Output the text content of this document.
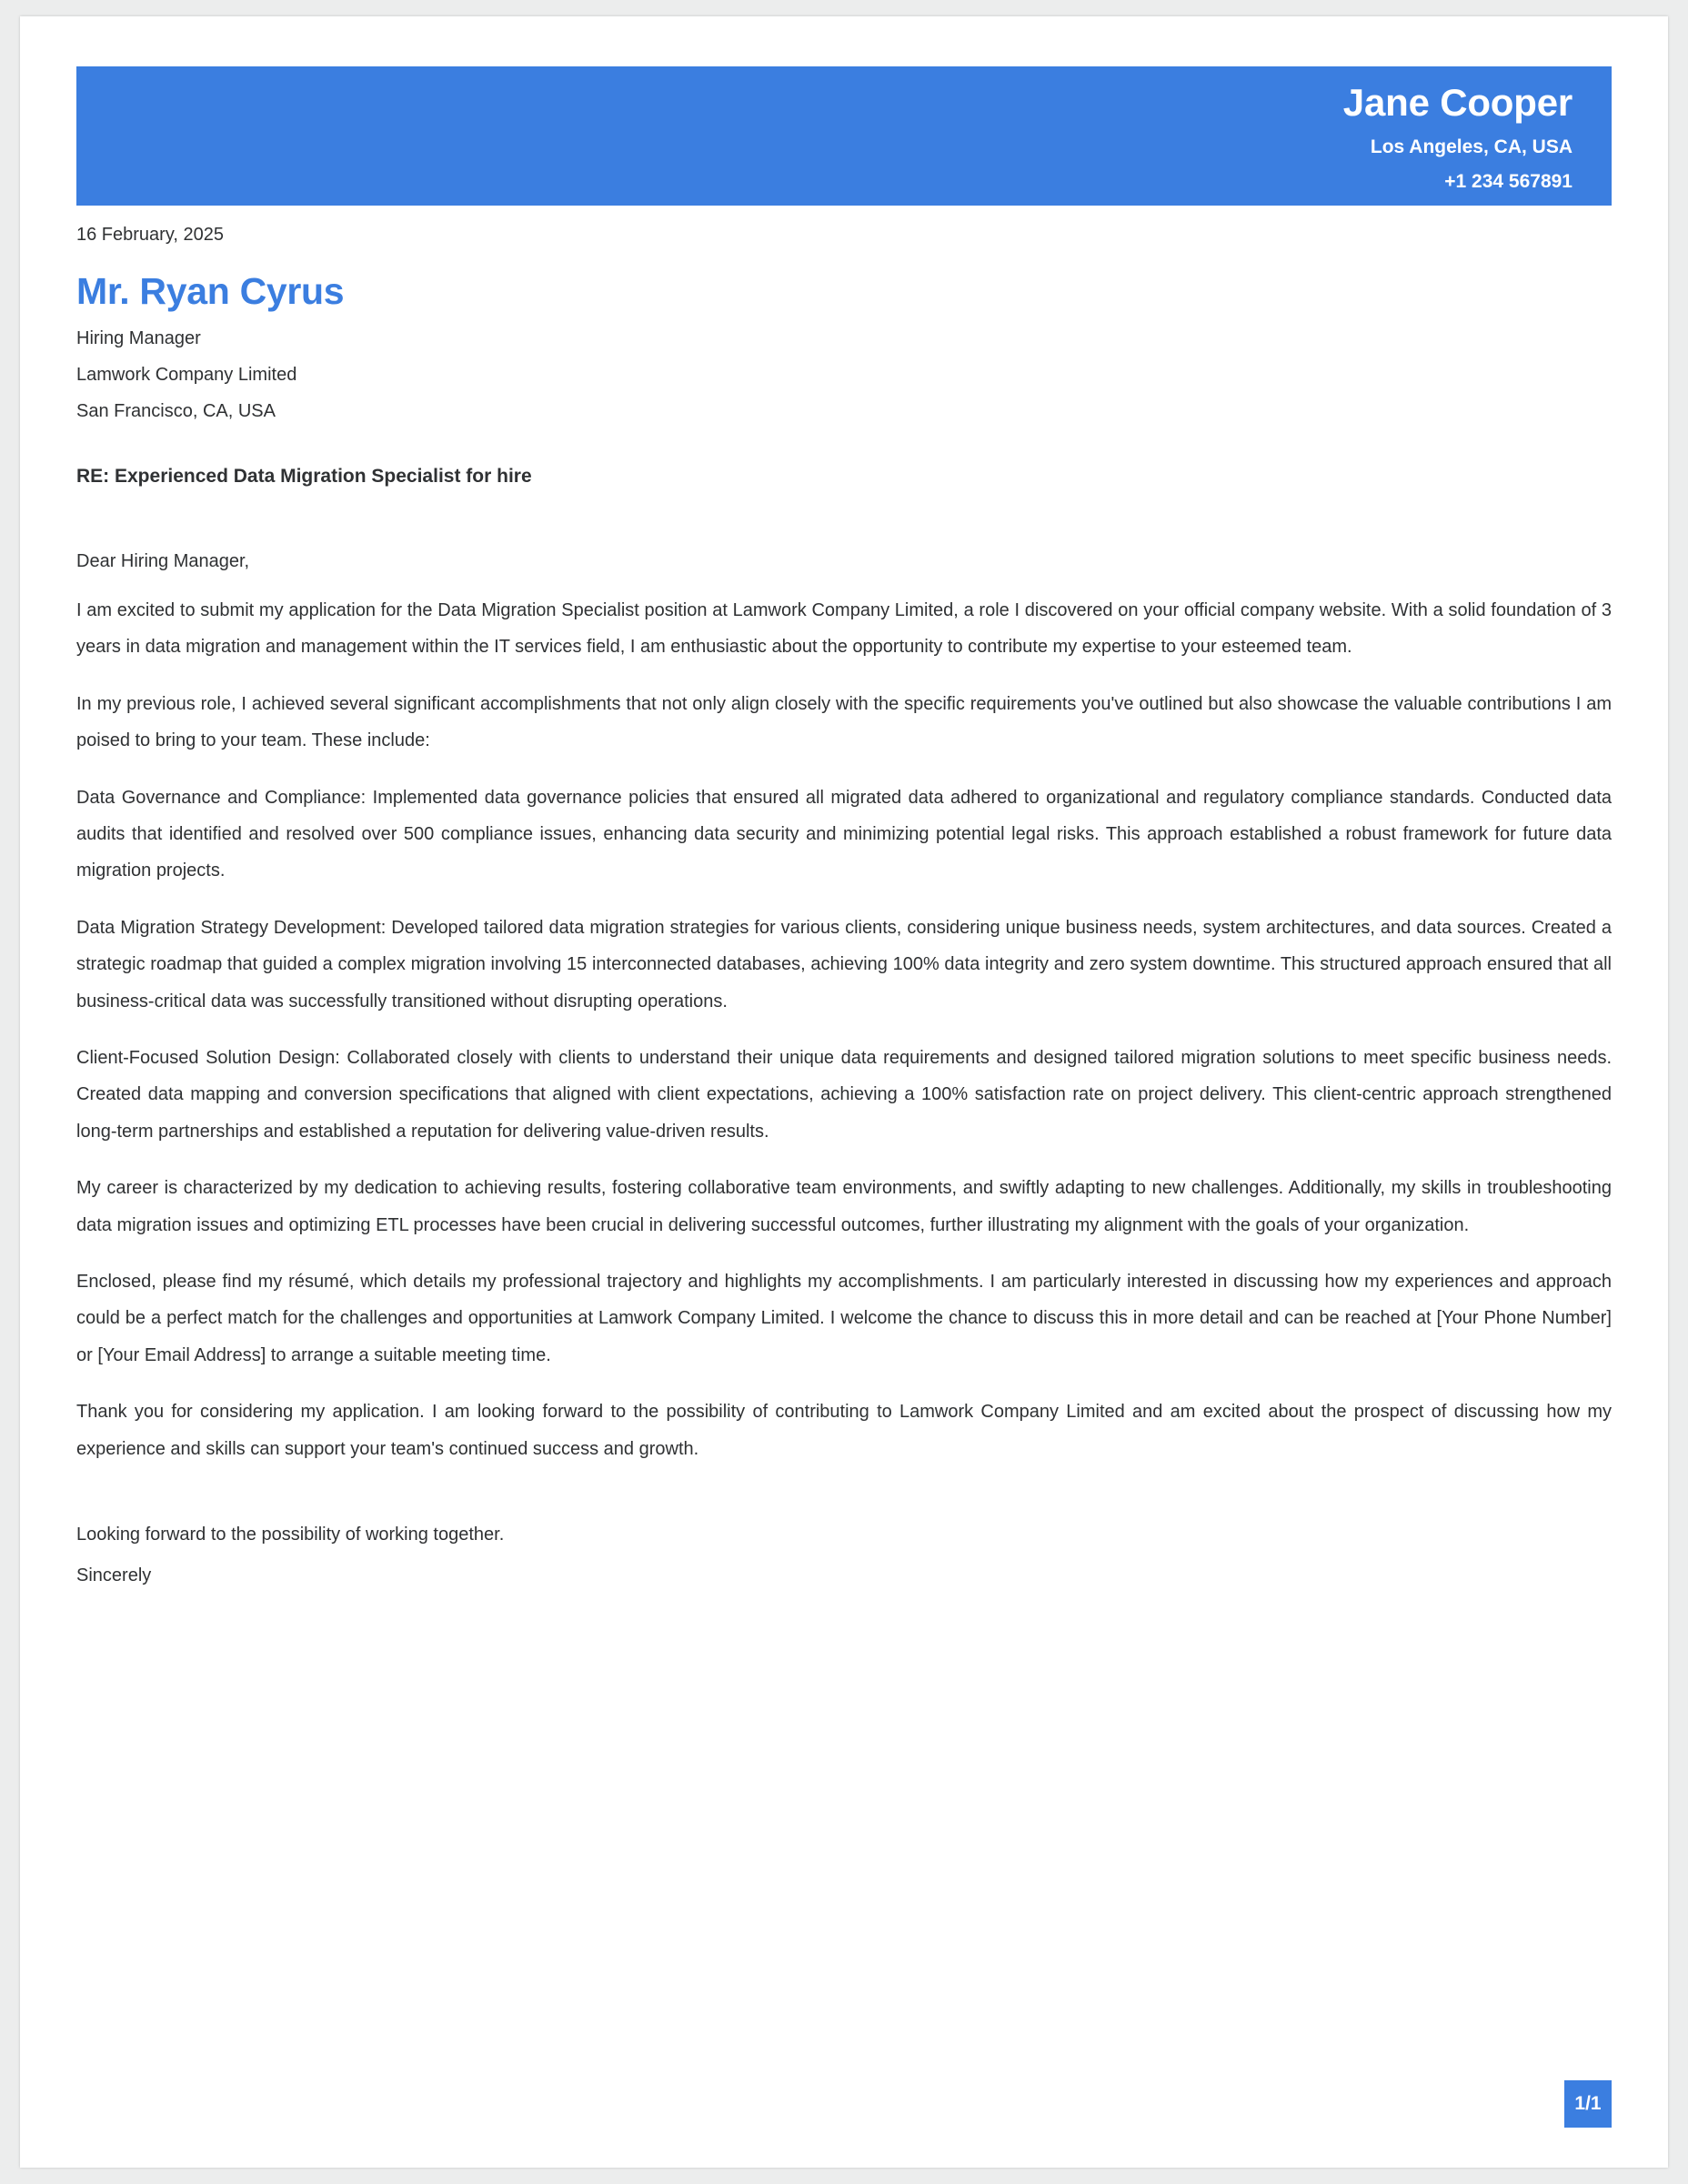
Jane Cooper
Los Angeles, CA, USA
+1 234 567891
janecooper@lamwork.com
16 February, 2025
Mr. Ryan Cyrus
Hiring Manager
Lamwork Company Limited
San Francisco, CA, USA
RE: Experienced Data Migration Specialist for hire
Dear Hiring Manager,
I am excited to submit my application for the Data Migration Specialist position at Lamwork Company Limited, a role I discovered on your official company website. With a solid foundation of 3 years in data migration and management within the IT services field, I am enthusiastic about the opportunity to contribute my expertise to your esteemed team.
In my previous role, I achieved several significant accomplishments that not only align closely with the specific requirements you've outlined but also showcase the valuable contributions I am poised to bring to your team. These include:
Data Governance and Compliance: Implemented data governance policies that ensured all migrated data adhered to organizational and regulatory compliance standards. Conducted data audits that identified and resolved over 500 compliance issues, enhancing data security and minimizing potential legal risks. This approach established a robust framework for future data migration projects.
Data Migration Strategy Development: Developed tailored data migration strategies for various clients, considering unique business needs, system architectures, and data sources. Created a strategic roadmap that guided a complex migration involving 15 interconnected databases, achieving 100% data integrity and zero system downtime. This structured approach ensured that all business-critical data was successfully transitioned without disrupting operations.
Client-Focused Solution Design: Collaborated closely with clients to understand their unique data requirements and designed tailored migration solutions to meet specific business needs. Created data mapping and conversion specifications that aligned with client expectations, achieving a 100% satisfaction rate on project delivery. This client-centric approach strengthened long-term partnerships and established a reputation for delivering value-driven results.
My career is characterized by my dedication to achieving results, fostering collaborative team environments, and swiftly adapting to new challenges. Additionally, my skills in troubleshooting data migration issues and optimizing ETL processes have been crucial in delivering successful outcomes, further illustrating my alignment with the goals of your organization.
Enclosed, please find my résumé, which details my professional trajectory and highlights my accomplishments. I am particularly interested in discussing how my experiences and approach could be a perfect match for the challenges and opportunities at Lamwork Company Limited. I welcome the chance to discuss this in more detail and can be reached at [Your Phone Number] or [Your Email Address] to arrange a suitable meeting time.
Thank you for considering my application. I am looking forward to the possibility of contributing to Lamwork Company Limited and am excited about the prospect of discussing how my experience and skills can support your team's continued success and growth.
Looking forward to the possibility of working together.
Sincerely
1/1
